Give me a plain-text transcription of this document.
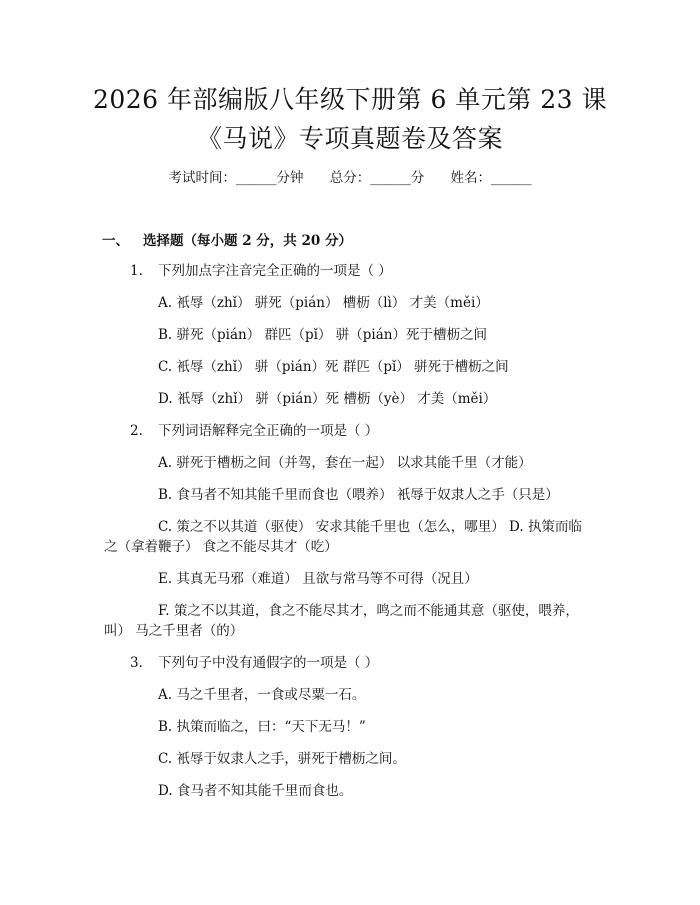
2026 年部编版八年级下册第 6 单元第 23 课
《马说》专项真题卷及答案
考试时间：______分钟 总分：______分 姓名：______
一、 选择题（每小题 2 分，共 20 分）
1. 下列加点字注音完全正确的一项是（ ）
A. 衹辱（zhǐ） 骈死（pián） 槽枥（lì） 才美（měi）
B. 骈死（pián） 群匹（pǐ） 骈（pián）死于槽枥之间
C. 衹辱（zhǐ） 骈（pián）死 群匹（pǐ） 骈死于槽枥之间
D. 衹辱（zhǐ） 骈（pián）死 槽枥（yè） 才美（měi）
2. 下列词语解释完全正确的一项是（ ）
A. 骈死于槽枥之间（并驾，套在一起） 以求其能千里（才能）
B. 食马者不知其能千里而食也（喂养） 衹辱于奴隶人之手（只是）
C. 策之不以其道（驱使） 安求其能千里也（怎么，哪里） D. 执策而临
之（拿着鞭子） 食之不能尽其才（吃）
E. 其真无马邪（难道） 且欲与常马等不可得（况且）
F. 策之不以其道，食之不能尽其才，鸣之而不能通其意（驱使，喂养，
叫） 马之千里者（的）
3. 下列句子中没有通假字的一项是（ ）
A. 马之千里者，一食或尽粟一石。
B. 执策而临之，曰：“天下无马！”
C. 衹辱于奴隶人之手，骈死于槽枥之间。
D. 食马者不知其能千里而食也。
